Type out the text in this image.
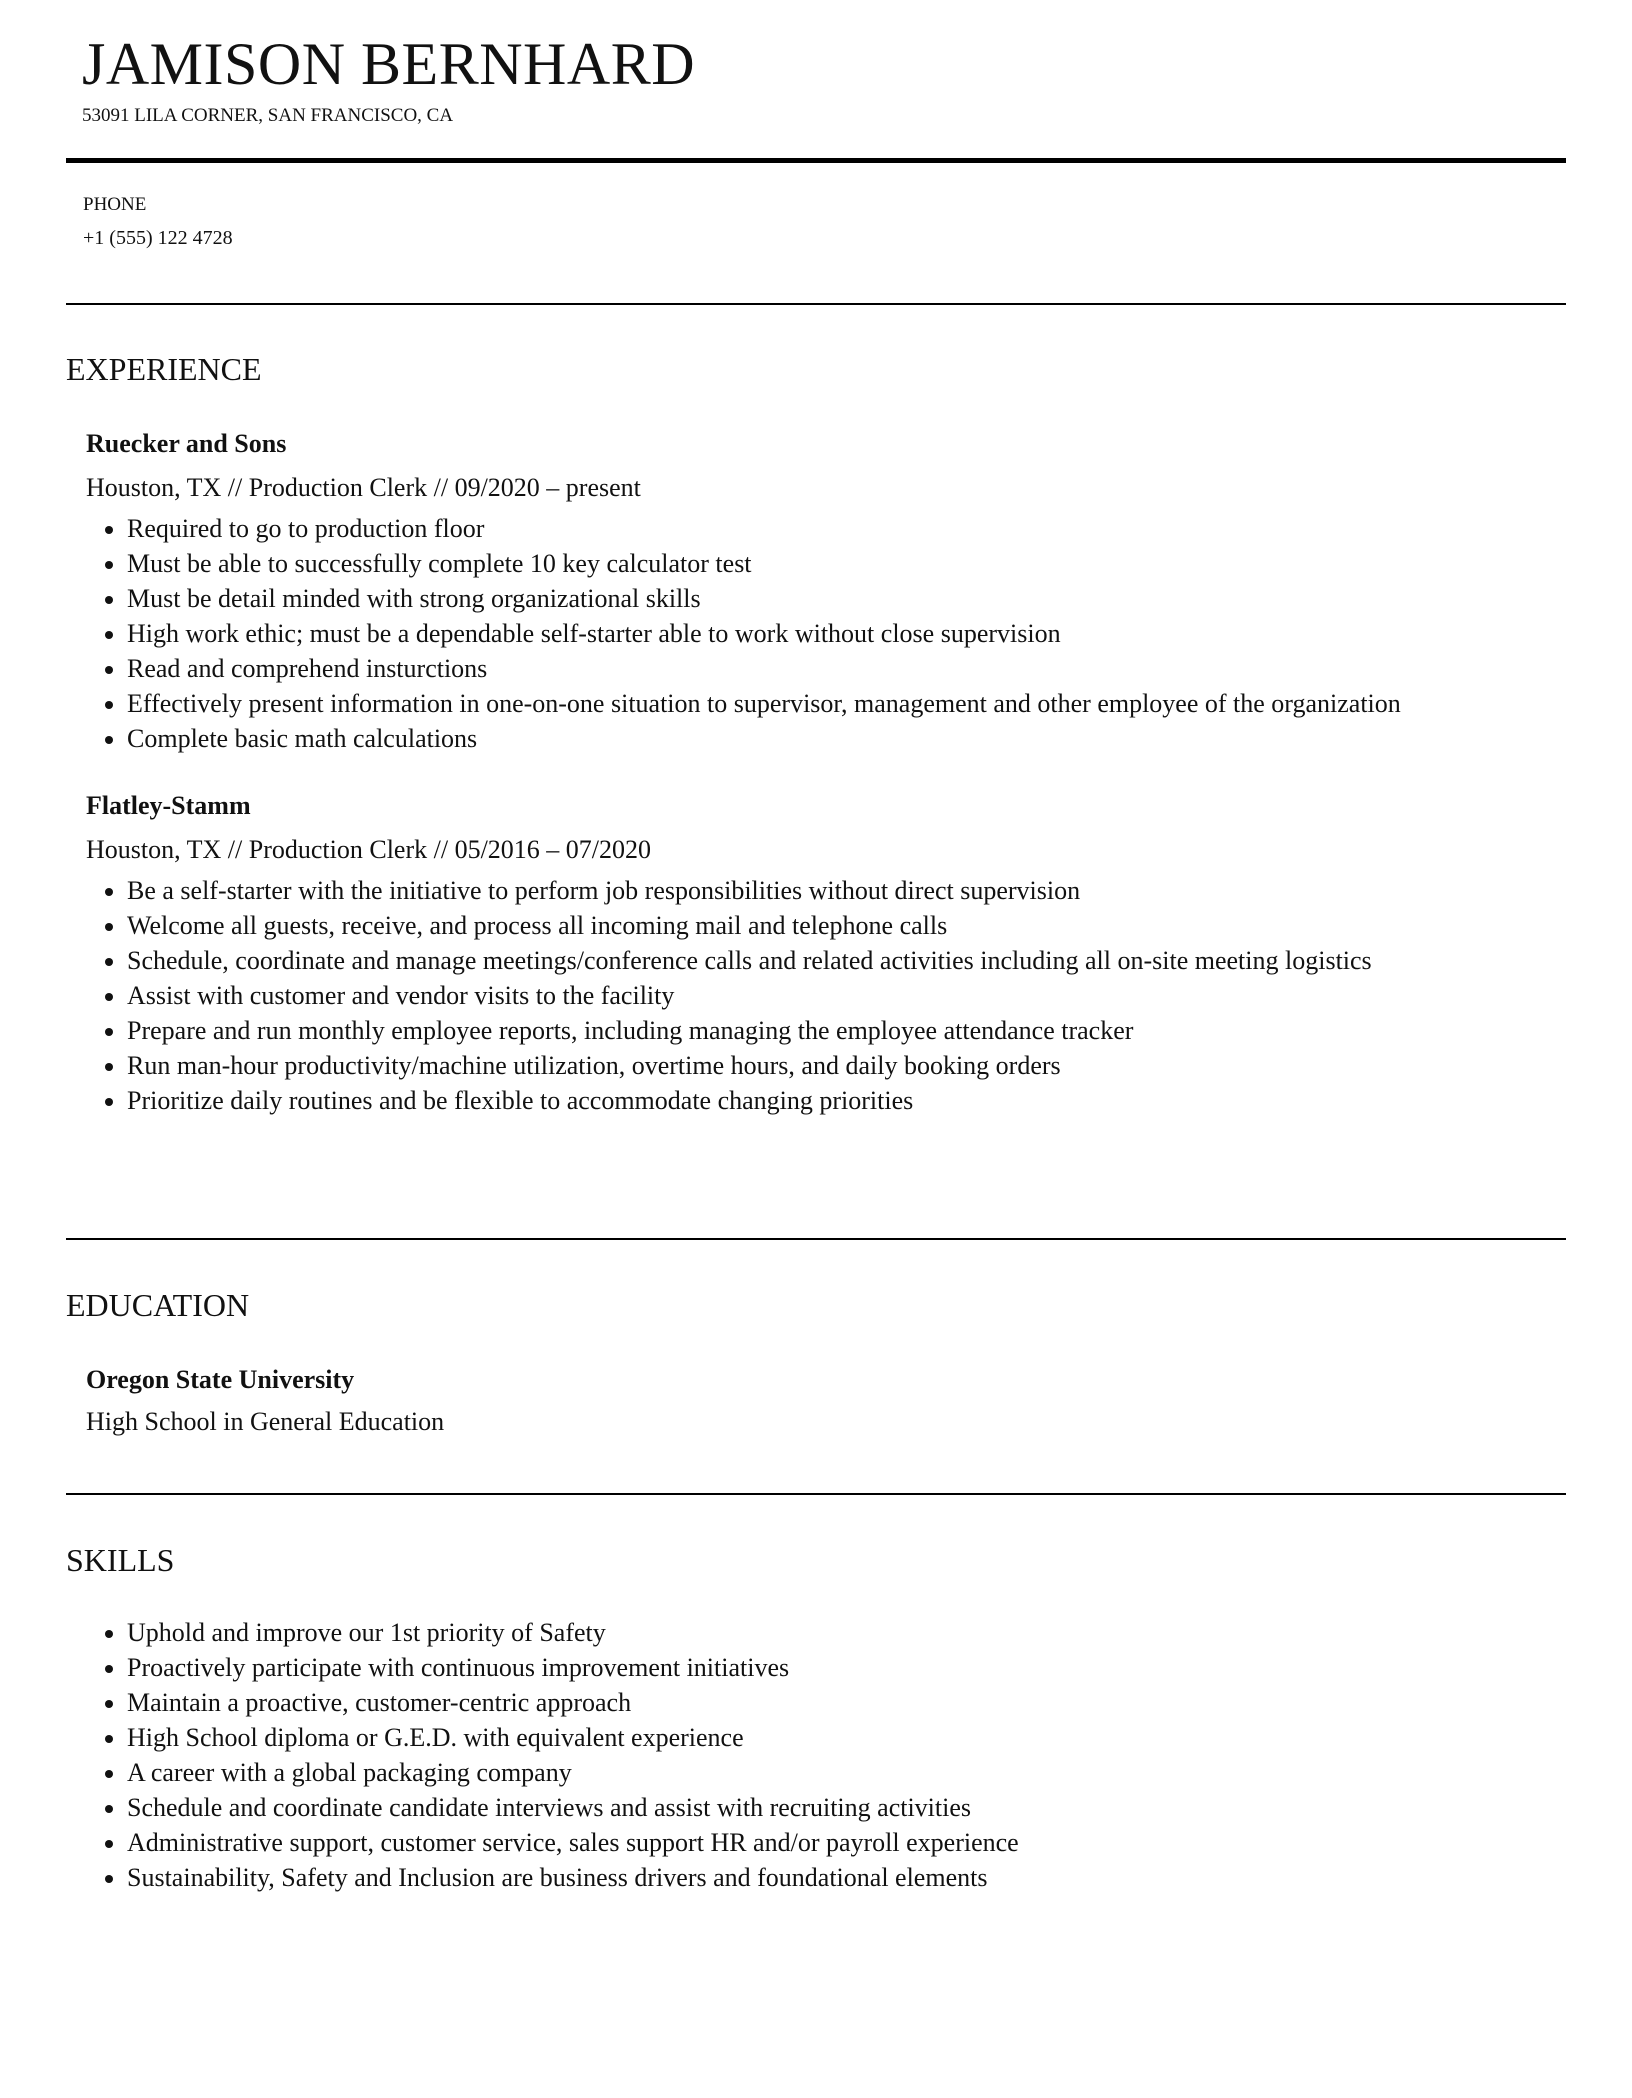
JAMISON BERNHARD
53091 LILA CORNER, SAN FRANCISCO, CA
PHONE
+1 (555) 122 4728
EXPERIENCE
Ruecker and Sons
Houston, TX // Production Clerk // 09/2020 – present
• Required to go to production floor
• Must be able to successfully complete 10 key calculator test
• Must be detail minded with strong organizational skills
• High work ethic; must be a dependable self-starter able to work without close supervision
• Read and comprehend insturctions
• Effectively present information in one-on-one situation to supervisor, management and other employee of the organization
• Complete basic math calculations
Flatley-Stamm
Houston, TX // Production Clerk // 05/2016 – 07/2020
• Be a self-starter with the initiative to perform job responsibilities without direct supervision
• Welcome all guests, receive, and process all incoming mail and telephone calls
• Schedule, coordinate and manage meetings/conference calls and related activities including all on-site meeting logistics
• Assist with customer and vendor visits to the facility
• Prepare and run monthly employee reports, including managing the employee attendance tracker
• Run man-hour productivity/machine utilization, overtime hours, and daily booking orders
• Prioritize daily routines and be flexible to accommodate changing priorities
EDUCATION
Oregon State University
High School in General Education
SKILLS
• Uphold and improve our 1st priority of Safety
• Proactively participate with continuous improvement initiatives
• Maintain a proactive, customer-centric approach
• High School diploma or G.E.D. with equivalent experience
• A career with a global packaging company
• Schedule and coordinate candidate interviews and assist with recruiting activities
• Administrative support, customer service, sales support HR and/or payroll experience
• Sustainability, Safety and Inclusion are business drivers and foundational elements
